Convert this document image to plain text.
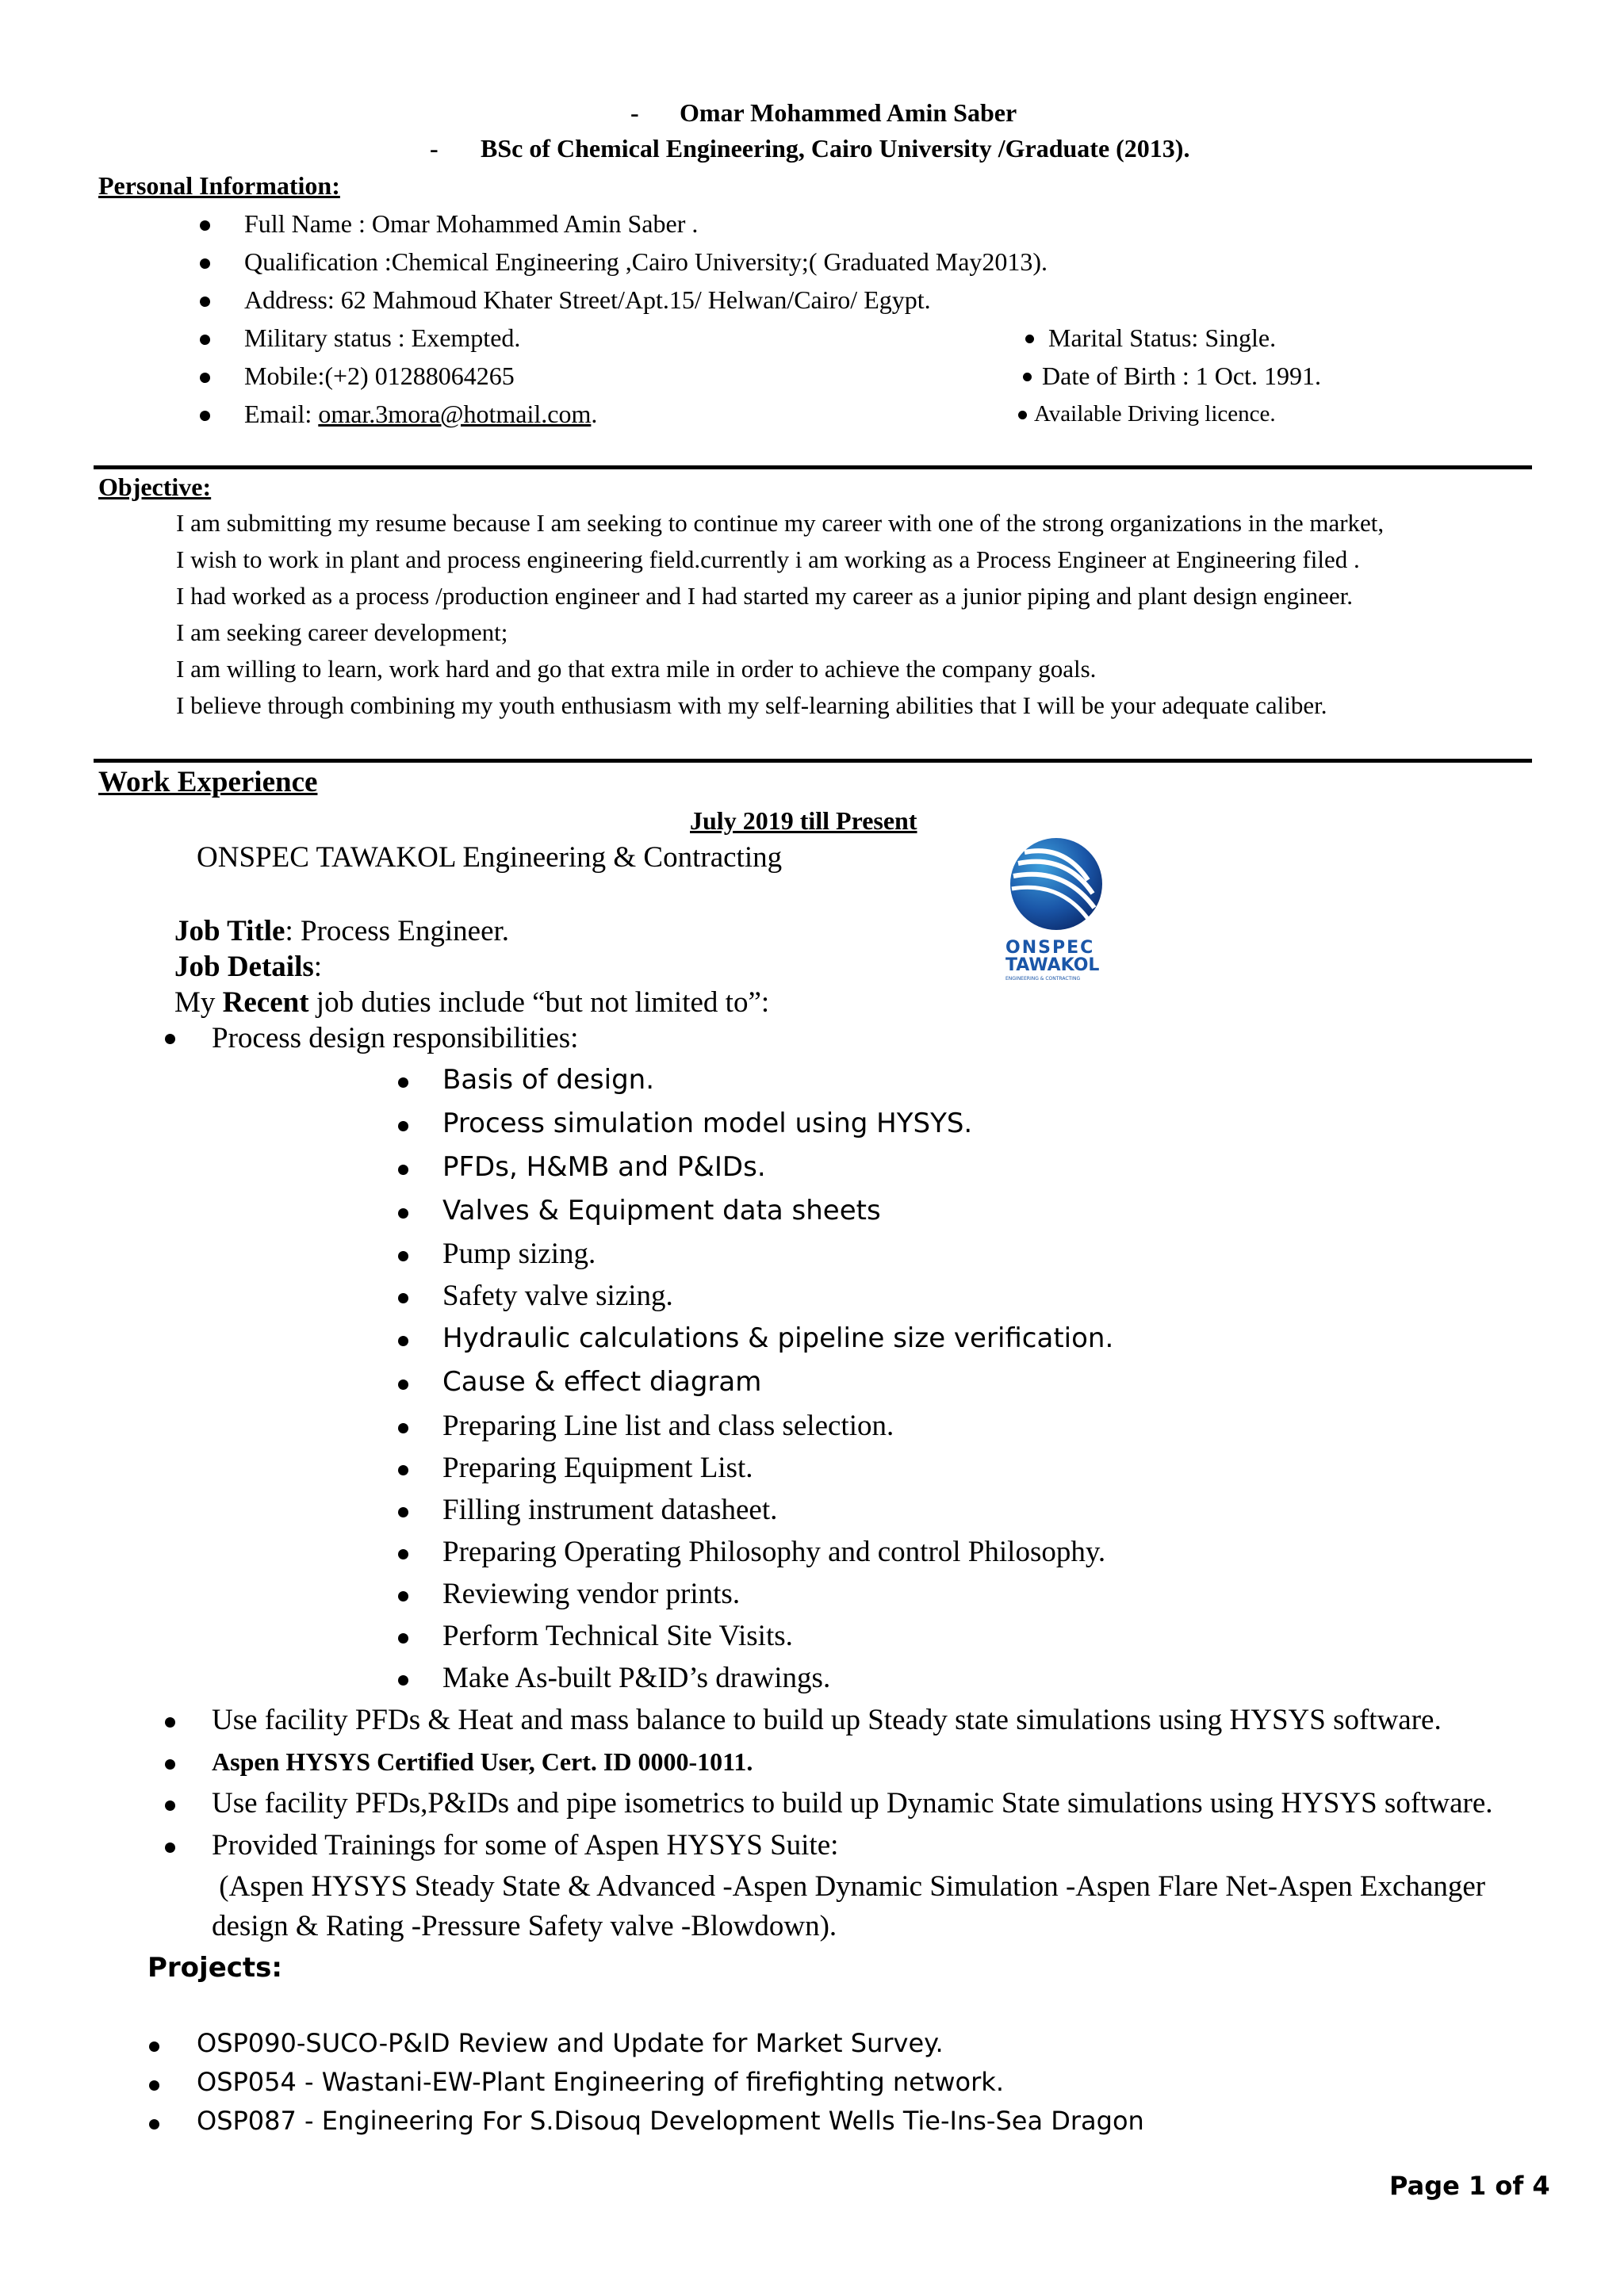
- Omar Mohammed Amin Saber
- BSc of Chemical Engineering, Cairo University /Graduate (2013).
Personal Information:
Full Name : Omar Mohammed Amin Saber .
Qualification :Chemical Engineering ,Cairo University;( Graduated May2013).
Address: 62 Mahmoud Khater Street/Apt.15/ Helwan/Cairo/ Egypt.
Military status : Exempted.
Mobile:(+2) 01288064265
Email: omar.3mora@hotmail.com.
Marital Status: Single.
Date of Birth : 1 Oct. 1991.
Available Driving licence.
Objective:
I am submitting my resume because I am seeking to continue my career with one of the strong organizations in the market,
I wish to work in plant and process engineering field.currently i am working as a Process Engineer at Engineering filed .
I had worked as a process /production engineer and I had started my career as a junior piping and plant design engineer.
I am seeking career development;
I am willing to learn, work hard and go that extra mile in order to achieve the company goals.
I believe through combining my youth enthusiasm with my self-learning abilities that I will be your adequate caliber.
Work Experience
July 2019 till Present
ONSPEC TAWAKOL Engineering & Contracting
ONSPEC
TAWAKOL
ENGINEERING & CONTRACTING
Job Title: Process Engineer.
Job Details:
My Recent job duties include “but not limited to”:
Process design responsibilities:
Basis of design.
Process simulation model using HYSYS.
PFDs, H&MB and P&IDs.
Valves & Equipment data sheets
Pump sizing.
Safety valve sizing.
Hydraulic calculations & pipeline size verification.
Cause & effect diagram
Preparing Line list and class selection.
Preparing Equipment List.
Filling instrument datasheet.
Preparing Operating Philosophy and control Philosophy.
Reviewing vendor prints.
Perform Technical Site Visits.
Make As-built P&ID’s drawings.
Use facility PFDs & Heat and mass balance to build up Steady state simulations using HYSYS software.
Aspen HYSYS Certified User, Cert. ID 0000-1011.
Use facility PFDs,P&IDs and pipe isometrics to build up Dynamic State simulations using HYSYS software.
Provided Trainings for some of Aspen HYSYS Suite:
(Aspen HYSYS Steady State & Advanced -Aspen Dynamic Simulation -Aspen Flare Net-Aspen Exchanger
design & Rating -Pressure Safety valve -Blowdown).
Projects:
OSP090-SUCO-P&ID Review and Update for Market Survey.
OSP054 - Wastani-EW-Plant Engineering of firefighting network.
OSP087 - Engineering For S.Disouq Development Wells Tie-Ins-Sea Dragon
Page 1 of 4
